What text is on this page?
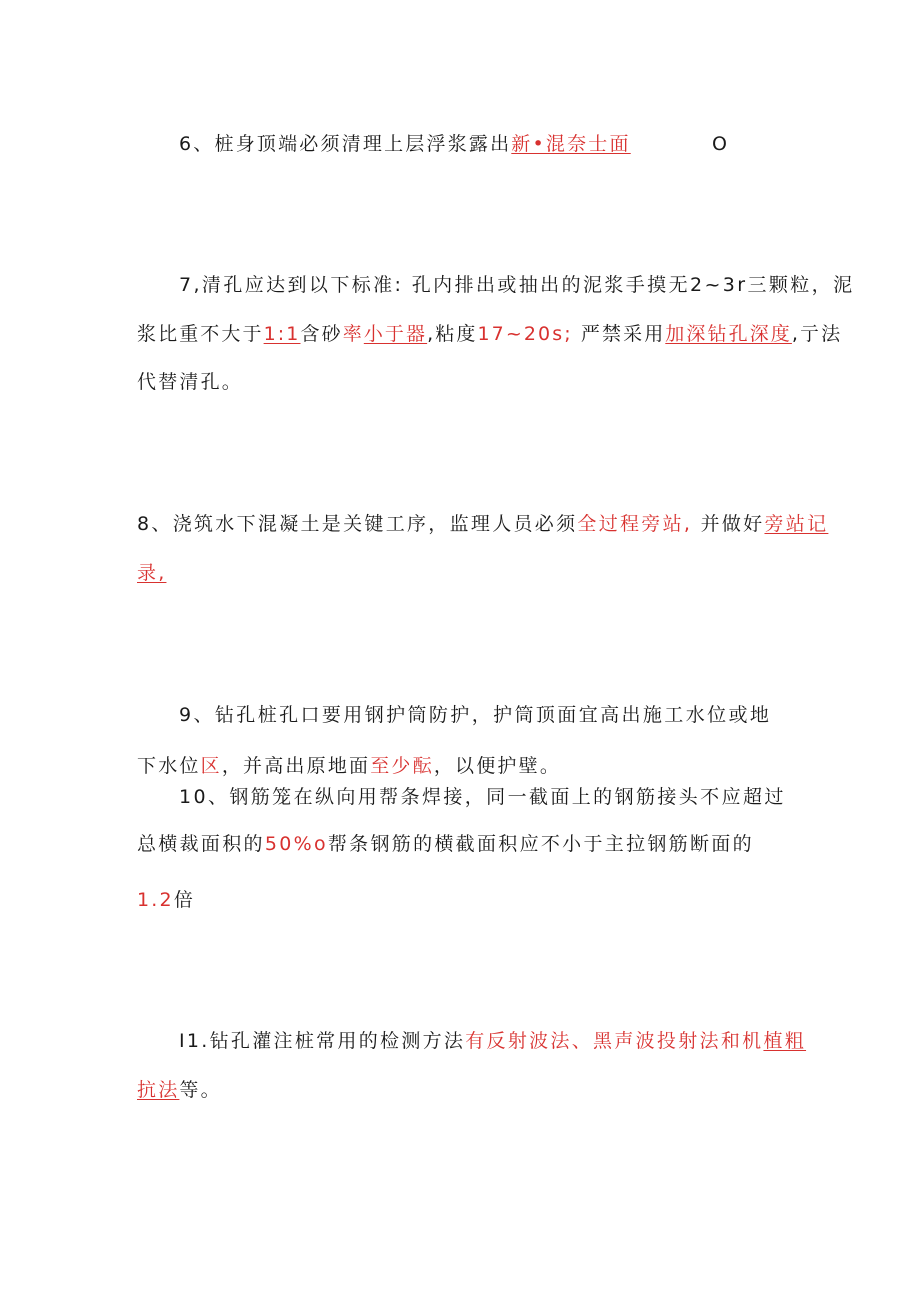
6、桩身顶端必须清理上层浮浆露出新•混奈士面	O
7,清孔应达到以下标准: 孔内排出或抽出的泥浆手摸无2~3r三颗粒，泥
浆比重不大于1:1含砂率小于器,粘度17~20s; 严禁采用加深钻孔深度,亍法
代替清孔。
8、浇筑水下混凝土是关键工序，监理人员必须全过程旁站, 并做好旁站记
录,
9、钻孔桩孔口要用钢护筒防护，护筒顶面宜高出施工水位或地
下水位区，并高出原地面至少酝，以便护壁。
10、钢筋笼在纵向用帮条焊接，同一截面上的钢筋接头不应超过
总横裁面积的50%o帮条钢筋的横截面积应不小于主拉钢筋断面的
1.2倍
I1.钻孔灌注桩常用的检测方法有反射波法、黑声波投射法和机植粗
抗法等。
